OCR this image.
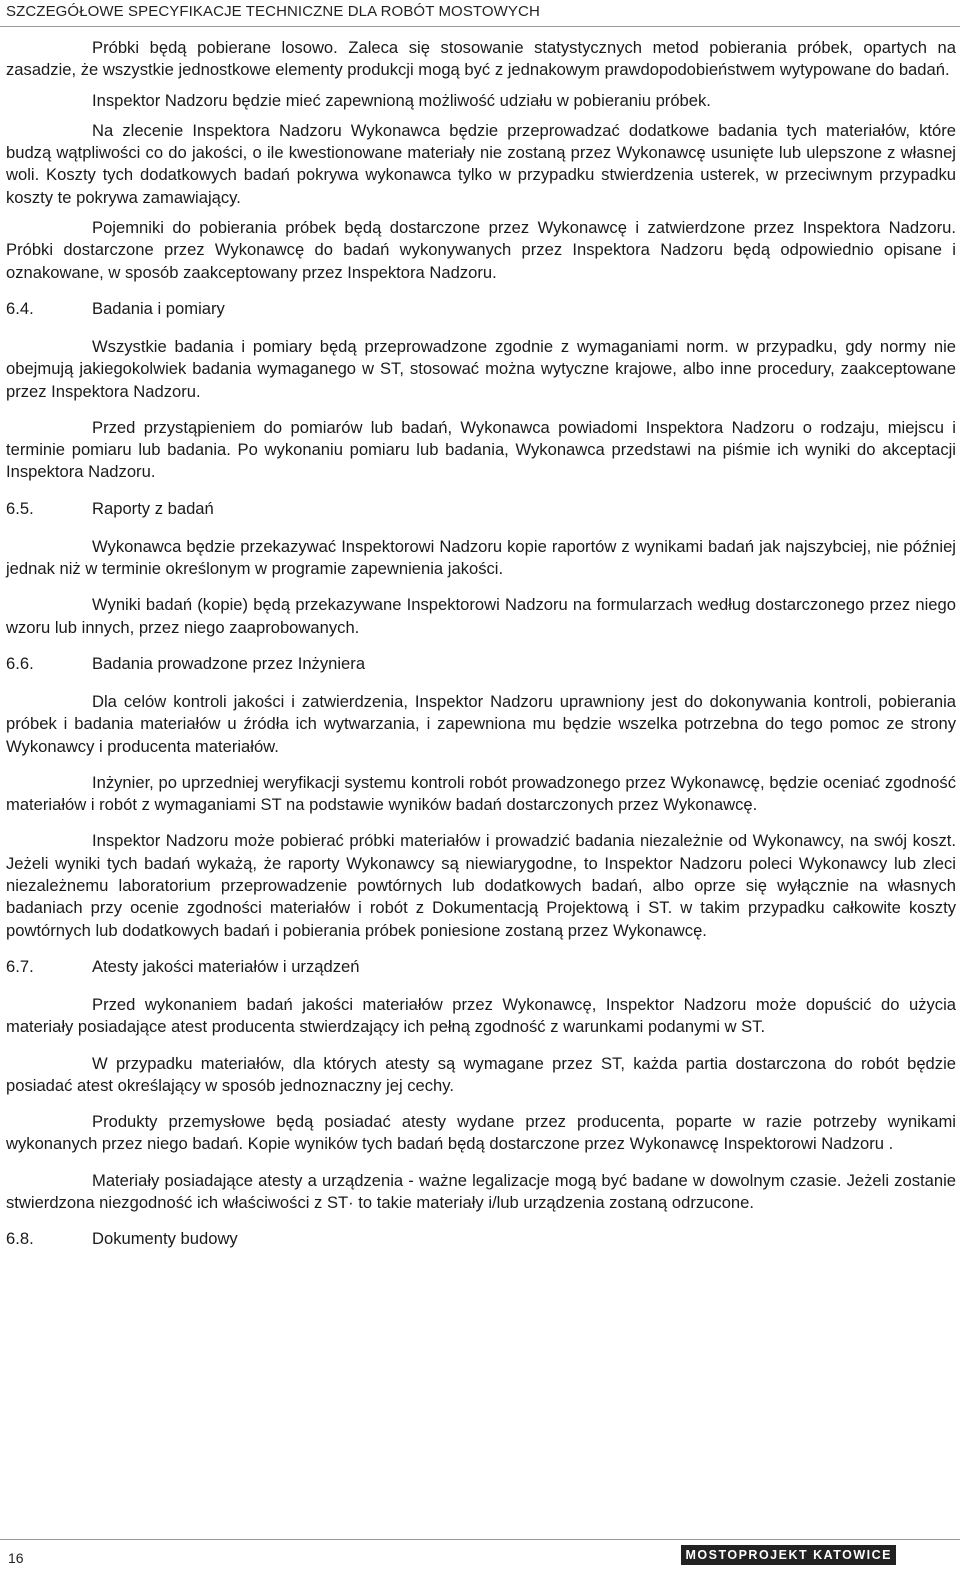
SZCZEGÓŁOWE SPECYFIKACJE TECHNICZNE DLA ROBÓT MOSTOWYCH

Próbki będą pobierane losowo. Zaleca się stosowanie statystycznych metod pobierania próbek, opartych na zasadzie, że wszystkie jednostkowe elementy produkcji mogą być z jednakowym prawdopodobieństwem wytypowane do badań.

Inspektor Nadzoru będzie mieć zapewnioną możliwość udziału w pobieraniu próbek.

Na zlecenie Inspektora Nadzoru Wykonawca będzie przeprowadzać dodatkowe badania tych materiałów, które budzą wątpliwości co do jakości, o ile kwestionowane materiały nie zostaną przez Wykonawcę usunięte lub ulepszone z własnej woli. Koszty tych dodatkowych badań pokrywa wykonawca tylko w przypadku stwierdzenia usterek, w przeciwnym przypadku koszty te pokrywa zamawiający.

Pojemniki do pobierania próbek będą dostarczone przez Wykonawcę i zatwierdzone przez Inspektora Nadzoru. Próbki dostarczone przez Wykonawcę do badań wykonywanych przez Inspektora Nadzoru będą odpowiednio opisane i oznakowane, w sposób zaakceptowany przez Inspektora Nadzoru.

6.4.	Badania i pomiary

Wszystkie badania i pomiary będą przeprowadzone zgodnie z wymaganiami norm. w przypadku, gdy normy nie obejmują jakiegokolwiek badania wymaganego w ST, stosować można wytyczne krajowe, albo inne procedury, zaakceptowane przez Inspektora Nadzoru.

Przed przystąpieniem do pomiarów lub badań, Wykonawca powiadomi Inspektora Nadzoru o rodzaju, miejscu i terminie pomiaru lub badania. Po wykonaniu pomiaru lub badania, Wykonawca przedstawi na piśmie ich wyniki do akceptacji Inspektora Nadzoru.

6.5.	Raporty z badań

Wykonawca będzie przekazywać Inspektorowi Nadzoru kopie raportów z wynikami badań jak najszybciej, nie później jednak niż w terminie określonym w programie zapewnienia jakości.

Wyniki badań (kopie) będą przekazywane Inspektorowi Nadzoru na formularzach według dostarczonego przez niego wzoru lub innych, przez niego zaaprobowanych.

6.6.	Badania prowadzone przez Inżyniera

Dla celów kontroli jakości i zatwierdzenia, Inspektor Nadzoru uprawniony jest do dokonywania kontroli, pobierania próbek i badania materiałów u źródła ich wytwarzania, i zapewniona mu będzie wszelka potrzebna do tego pomoc ze strony Wykonawcy i producenta materiałów.

Inżynier, po uprzedniej weryfikacji systemu kontroli robót prowadzonego przez Wykonawcę, będzie oceniać zgodność materiałów i robót z wymaganiami ST na podstawie wyników badań dostarczonych przez Wykonawcę.

Inspektor Nadzoru może pobierać próbki materiałów i prowadzić badania niezależnie od Wykonawcy, na swój koszt. Jeżeli wyniki tych badań wykażą, że raporty Wykonawcy są niewiarygodne, to Inspektor Nadzoru poleci Wykonawcy lub zleci niezależnemu laboratorium przeprowadzenie powtórnych lub dodatkowych badań, albo oprze się wyłącznie na własnych badaniach przy ocenie zgodności materiałów i robót z Dokumentacją Projektową i ST. w takim przypadku całkowite koszty powtórnych lub dodatkowych badań i pobierania próbek poniesione zostaną przez Wykonawcę.

6.7.	Atesty jakości materiałów i urządzeń

Przed wykonaniem badań jakości materiałów przez Wykonawcę, Inspektor Nadzoru może dopuścić do użycia materiały posiadające atest producenta stwierdzający ich pełną zgodność z warunkami podanymi w ST.

W przypadku materiałów, dla których atesty są wymagane przez ST, każda partia dostarczona do robót będzie posiadać atest określający w sposób jednoznaczny jej cechy.

Produkty przemysłowe będą posiadać atesty wydane przez producenta, poparte w razie potrzeby wynikami wykonanych przez niego badań. Kopie wyników tych badań będą dostarczone przez Wykonawcę Inspektorowi Nadzoru .

Materiały posiadające atesty a urządzenia - ważne legalizacje mogą być badane w dowolnym czasie. Jeżeli zostanie stwierdzona niezgodność ich właściwości z ST· to takie materiały i/lub urządzenia zostaną odrzucone.

6.8.	Dokumenty budowy
16	MOSTOPROJEKT KATOWICE
